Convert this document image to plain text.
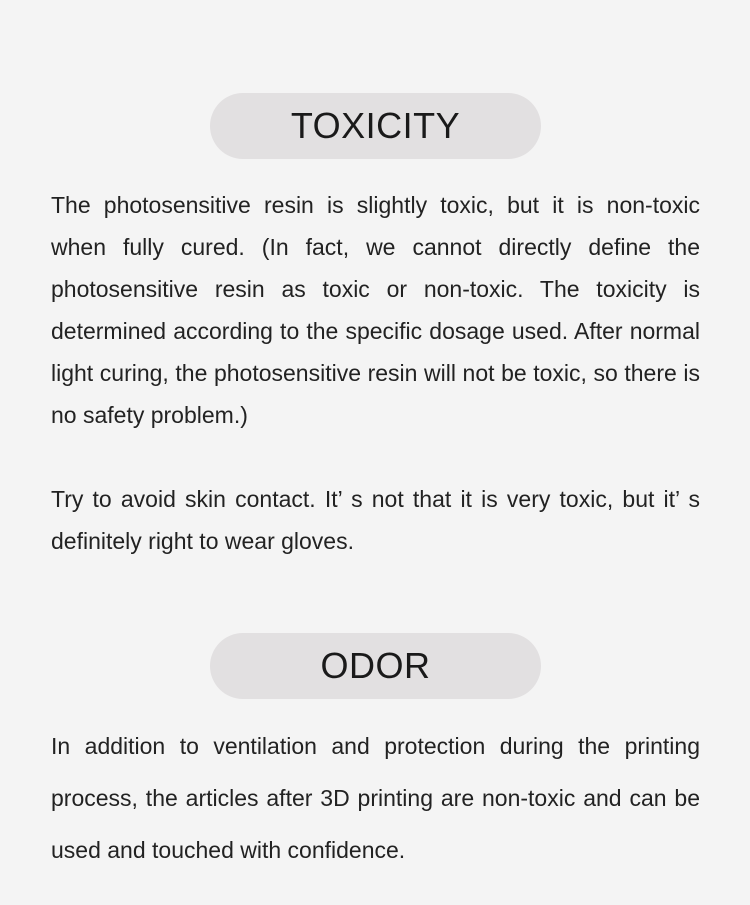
TOXICITY

The photosensitive resin is slightly toxic, but it is non-toxic when fully cured. (In fact, we cannot directly define the photosensitive resin as toxic or non-toxic. The toxicity is determined according to the specific dosage used. After normal light curing, the photosensitive resin will not be toxic, so there is no safety problem.)

Try to avoid skin contact. It’ s not that it is very toxic, but it’ s definitely right to wear gloves.

ODOR

In addition to ventilation and protection during the printing process, the articles after 3D printing are non-toxic and can be used and touched with confidence.
